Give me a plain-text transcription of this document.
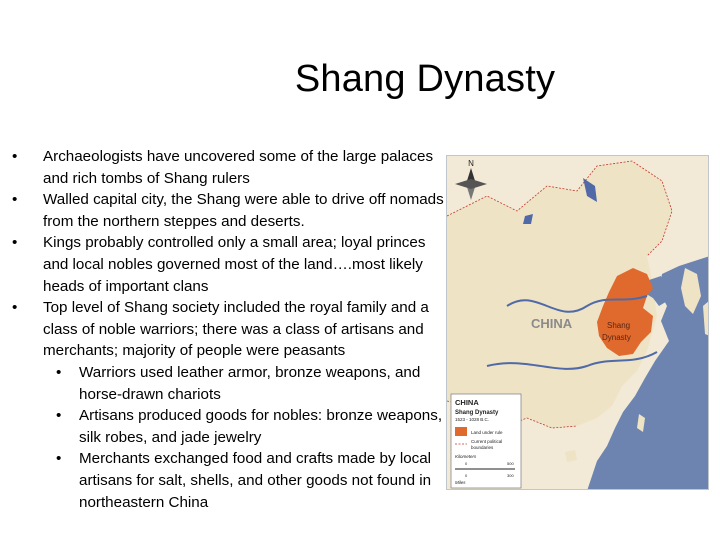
Shang Dynasty
•	Archaeologists have uncovered some of the large palaces and rich tombs of Shang rulers
•	Walled capital city, the Shang were able to drive off nomads from the northern steppes and deserts.
•	Kings probably controlled only a small area; loyal princes and local nobles governed most of the land….most likely heads of important clans
•	Top level of Shang society included the royal family and a class of noble warriors; there was a class of artisans and merchants; majority of people were peasants
•	Warriors used leather armor, bronze weapons, and horse-drawn chariots
•	Artisans produced goods for nobles: bronze weapons, silk robes, and jade jewelry
•	Merchants exchanged food and crafts made by local artisans for salt, shells, and other goods not found in northeastern China
N
CHINA	Shang
Dynasty
CHINA
Shang Dynasty
1523 - 1028 B.C.
Land under rule
Current political
boundaries
Kilometers
0	500
0	300
Miles
